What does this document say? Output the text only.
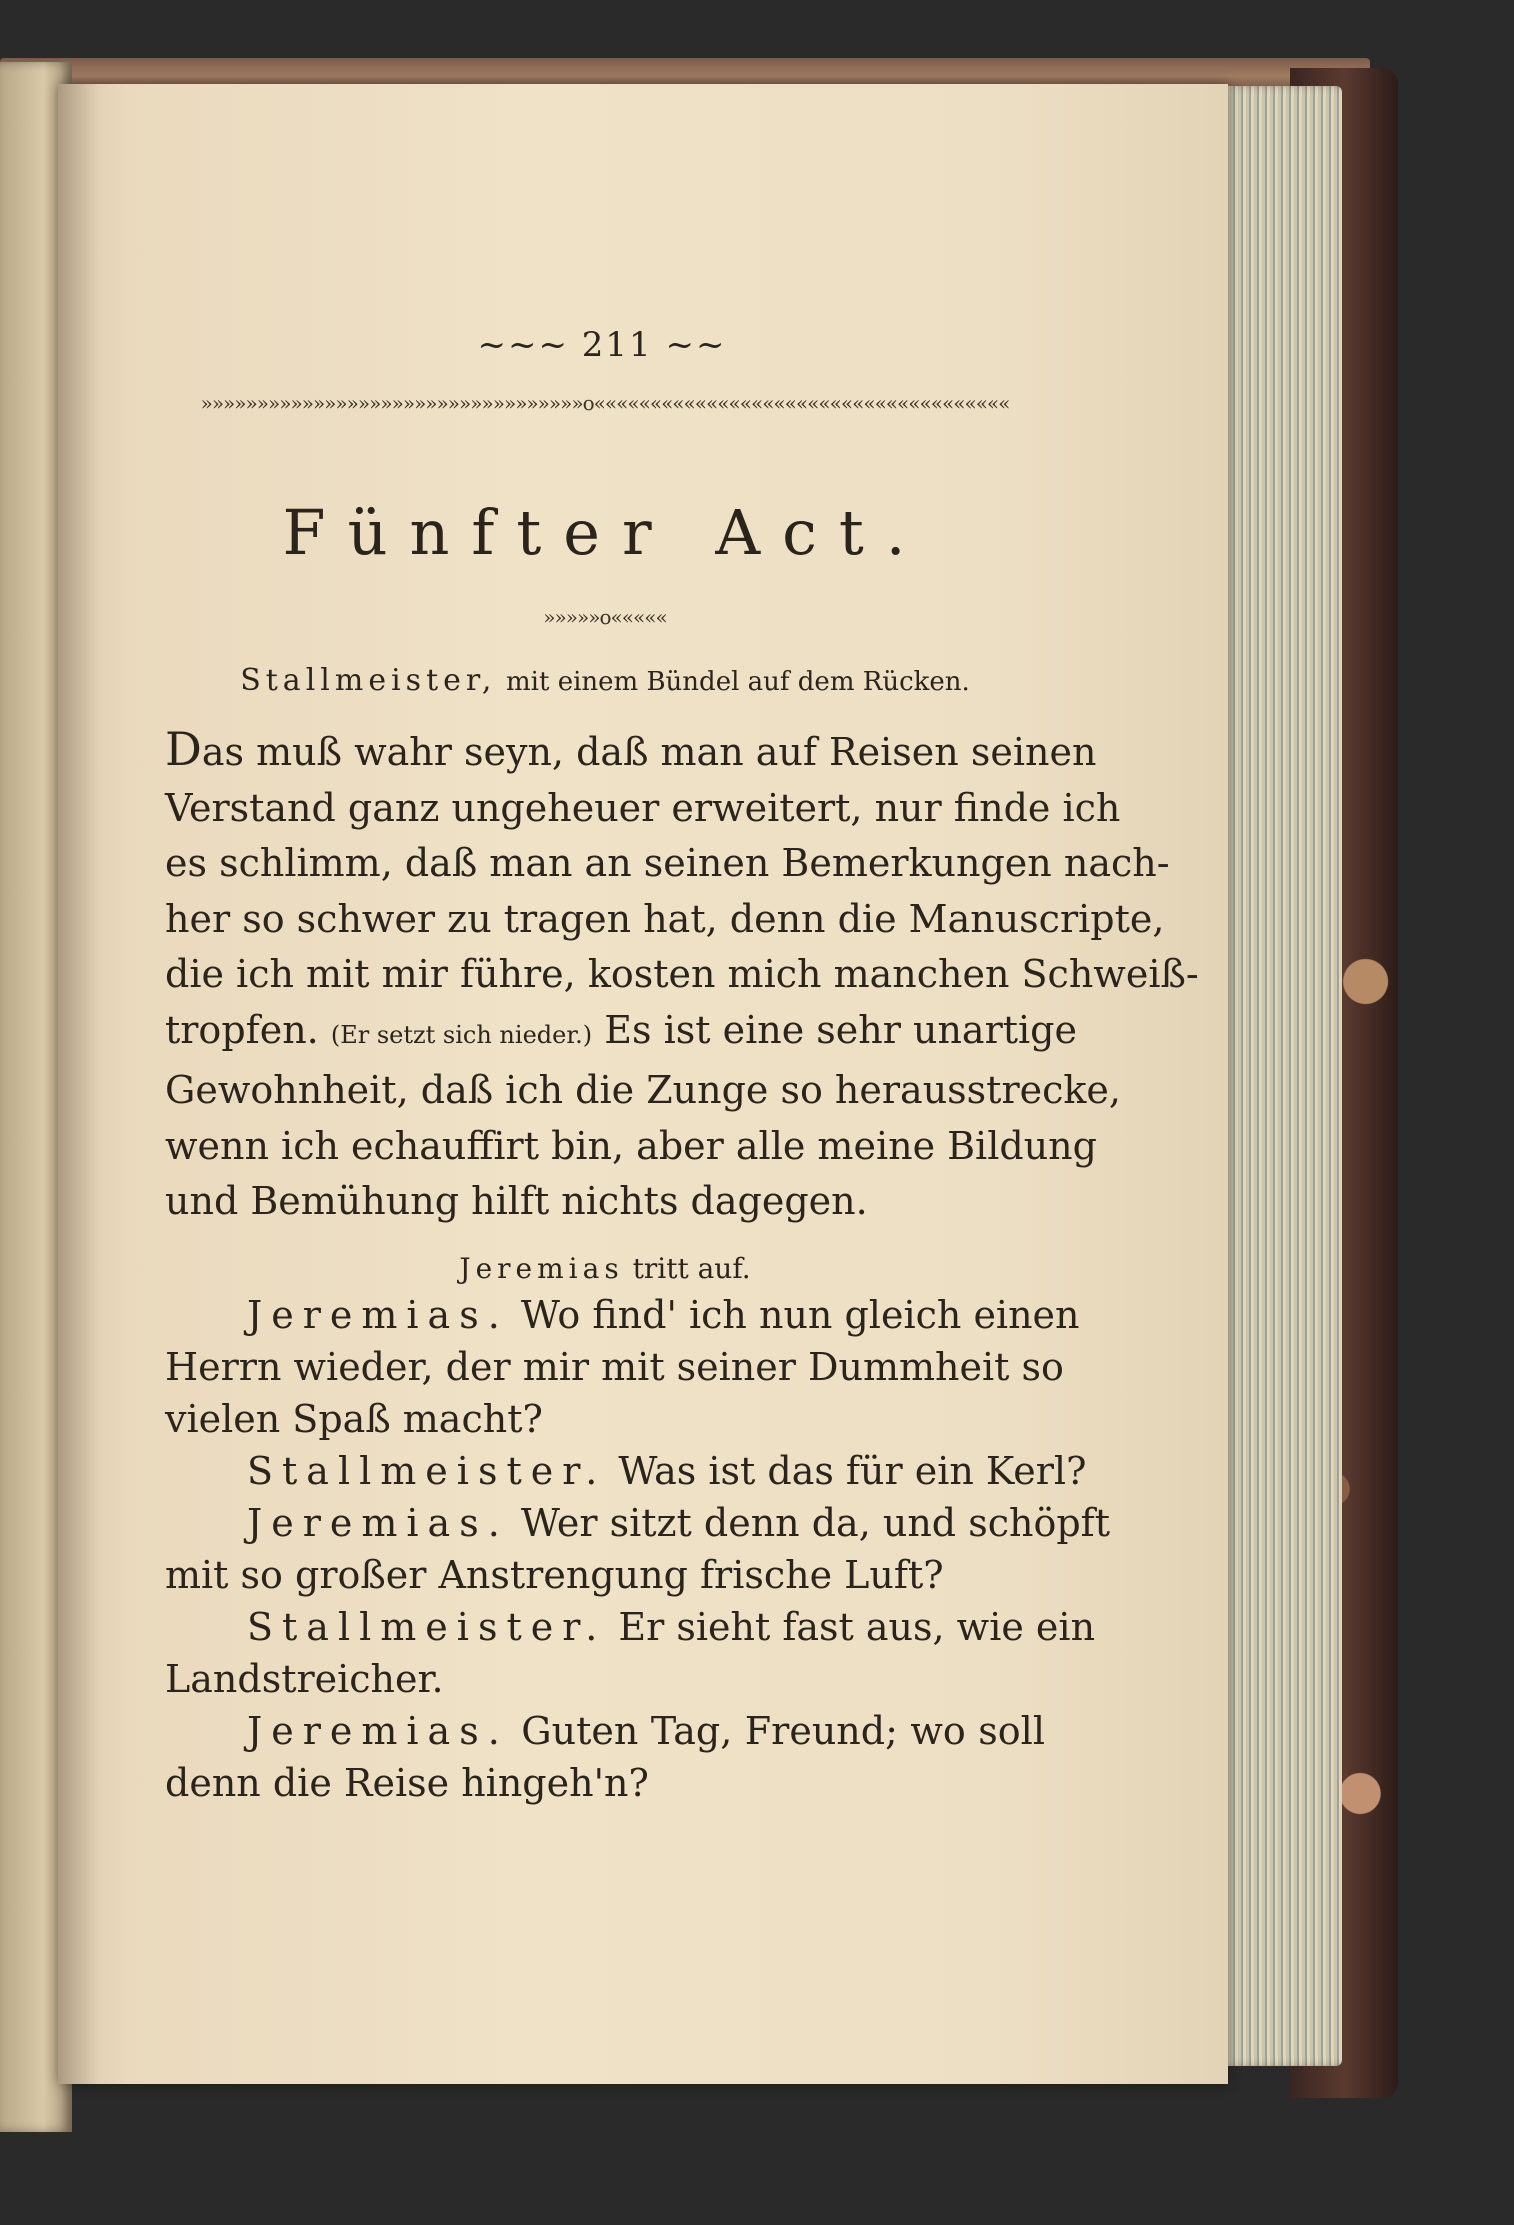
~~~ 211 ~~
»»»»»»»»»»»»»»»»»»»»»»»»»»»»»»»»»»o«««««««««««««««««««««««««««««««««««««
Fünfter Act.
»»»»»o«««««
Stallmeister, mit einem Bündel auf dem Rücken.
Das muß wahr seyn, daß man auf Reisen seinen
Verstand ganz ungeheuer erweitert, nur finde ich
es schlimm, daß man an seinen Bemerkungen nach-
her so schwer zu tragen hat, denn die Manuscripte,
die ich mit mir führe, kosten mich manchen Schweiß-
tropfen. (Er setzt sich nieder.) Es ist eine sehr unartige
Gewohnheit, daß ich die Zunge so herausstrecke,
wenn ich echauffirt bin, aber alle meine Bildung
und Bemühung hilft nichts dagegen.
Jeremias tritt auf.
Jeremias. Wo find' ich nun gleich einen
Herrn wieder, der mir mit seiner Dummheit so
vielen Spaß macht?
Stallmeister. Was ist das für ein Kerl?
Jeremias. Wer sitzt denn da, und schöpft
mit so großer Anstrengung frische Luft?
Stallmeister. Er sieht fast aus, wie ein
Landstreicher.
Jeremias. Guten Tag, Freund; wo soll
denn die Reise hingeh'n?
